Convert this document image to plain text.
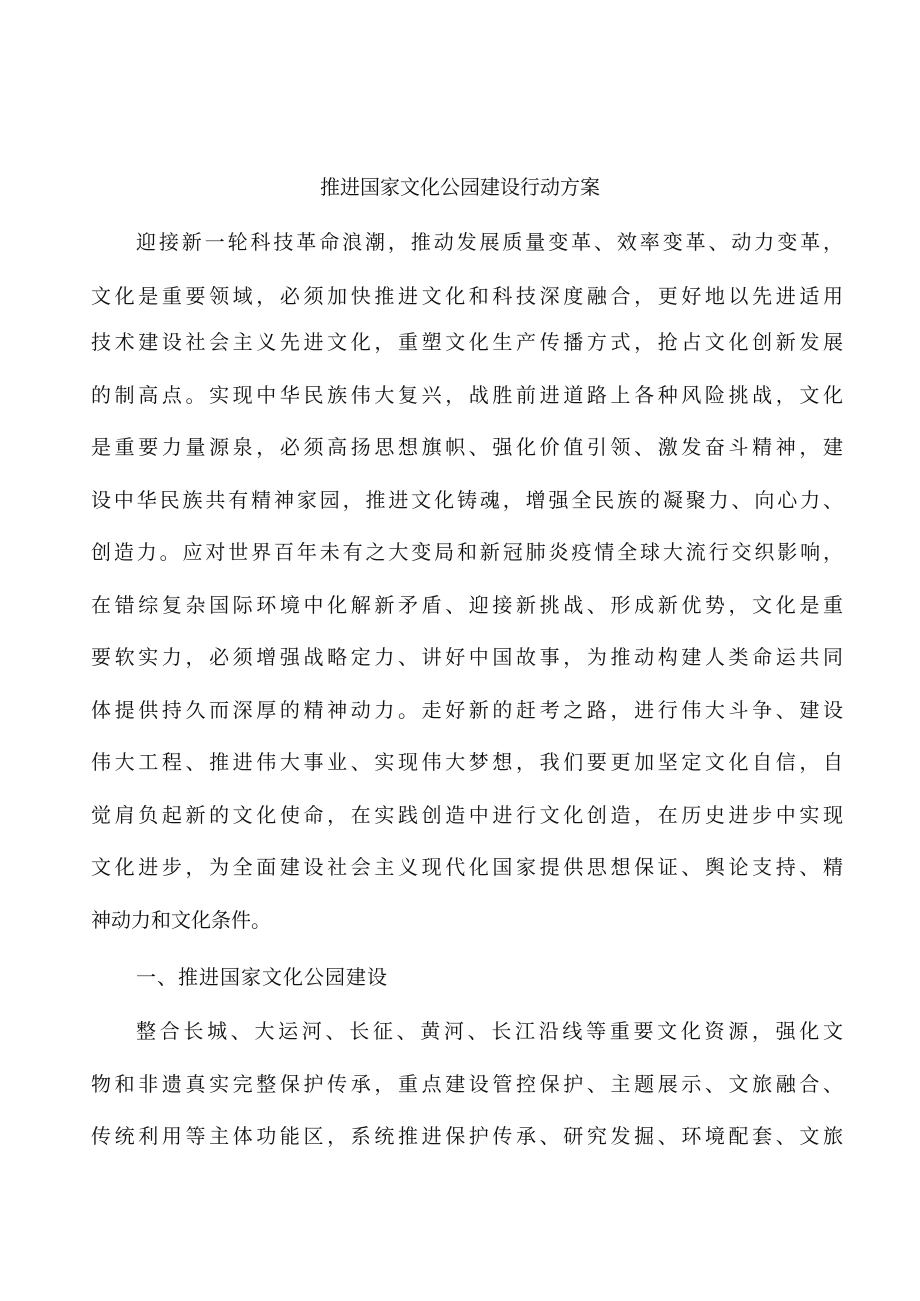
推进国家文化公园建设行动方案
迎接新一轮科技革命浪潮，推动发展质量变革、效率变革、动力变革，
文化是重要领域，必须加快推进文化和科技深度融合，更好地以先进适用
技术建设社会主义先进文化，重塑文化生产传播方式，抢占文化创新发展
的制高点。实现中华民族伟大复兴，战胜前进道路上各种风险挑战，文化
是重要力量源泉，必须高扬思想旗帜、强化价值引领、激发奋斗精神，建
设中华民族共有精神家园，推进文化铸魂，增强全民族的凝聚力、向心力、
创造力。应对世界百年未有之大变局和新冠肺炎疫情全球大流行交织影响，
在错综复杂国际环境中化解新矛盾、迎接新挑战、形成新优势，文化是重
要软实力，必须增强战略定力、讲好中国故事，为推动构建人类命运共同
体提供持久而深厚的精神动力。走好新的赶考之路，进行伟大斗争、建设
伟大工程、推进伟大事业、实现伟大梦想，我们要更加坚定文化自信，自
觉肩负起新的文化使命，在实践创造中进行文化创造，在历史进步中实现
文化进步，为全面建设社会主义现代化国家提供思想保证、舆论支持、精
神动力和文化条件。
一、推进国家文化公园建设
整合长城、大运河、长征、黄河、长江沿线等重要文化资源，强化文
物和非遗真实完整保护传承，重点建设管控保护、主题展示、文旅融合、
传统利用等主体功能区，系统推进保护传承、研究发掘、环境配套、文旅
